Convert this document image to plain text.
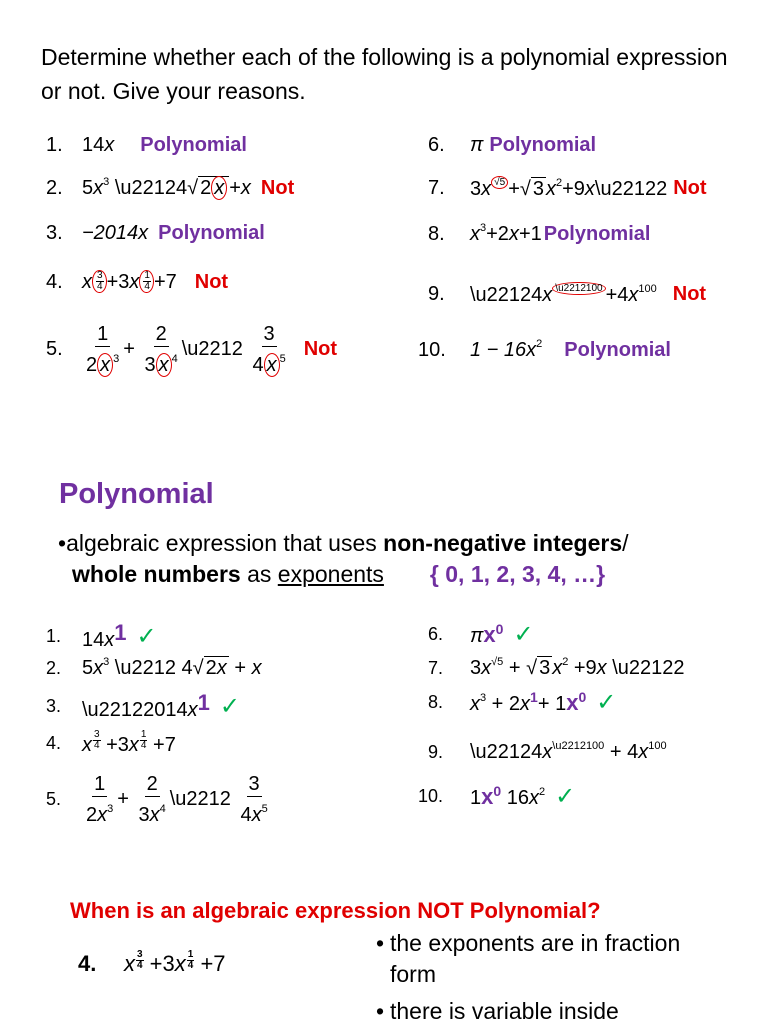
Determine whether each of the following is a polynomial expression or not. Give your reasons.
1. 14x Polynomial
2. $5x^3$ \u22124√ 2 x +x Not
3. −2014x Polynomial
4. x $\frac{3}{4} +3x \frac{1}{4} +7$ Not
5.	$\frac{1}{2 x ^3} + \frac{2}{3 x ^4}$ \u2212 $\frac{3}{4 x ^5}$ Not
6.	π Polynomial
7.	3x √5 +√ 3 $x^2+9x\backslash u22122$ Not
8.	$x^3+2x+1$ Polynomial
9.	\u22124x \u2212100 $+4x^{100}$ Not
10.	$1 - 16x^2$ Polynomial
Polynomial
•algebraic expression that uses non-negative integers/
whole numbers as exponents { 0, 1, 2, 3, 4, …}
1.	14x1 ✓
2.	$5x^3$ \u2212 4√ 2x + x
3.	\u22122014x1 ✓
4.	x $\frac{3}{4} +3x \frac{1}{4} +7$
5.	$\frac{1}{2x^3} + \frac{2}{3x^4}$ \u2212 $\frac{3}{4x^5}$
6.	$\pi x^0$ ✓
7.	$3x^{√5}$ + √ 3 $x^2 +9x$ \u22122
8.	$x^3 + 2x^1+ 1x^0$ ✓
9.	$\backslash u22124x^{\backslash u2212100} + 4x^{100}$
10.	$1x^0$ $16x^2$ ✓
When is an algebraic expression NOT Polynomial?
4.	x $\frac{3}{4} +3x \frac{1}{4} +7$
• the exponents are in fraction form
• there is variable inside
